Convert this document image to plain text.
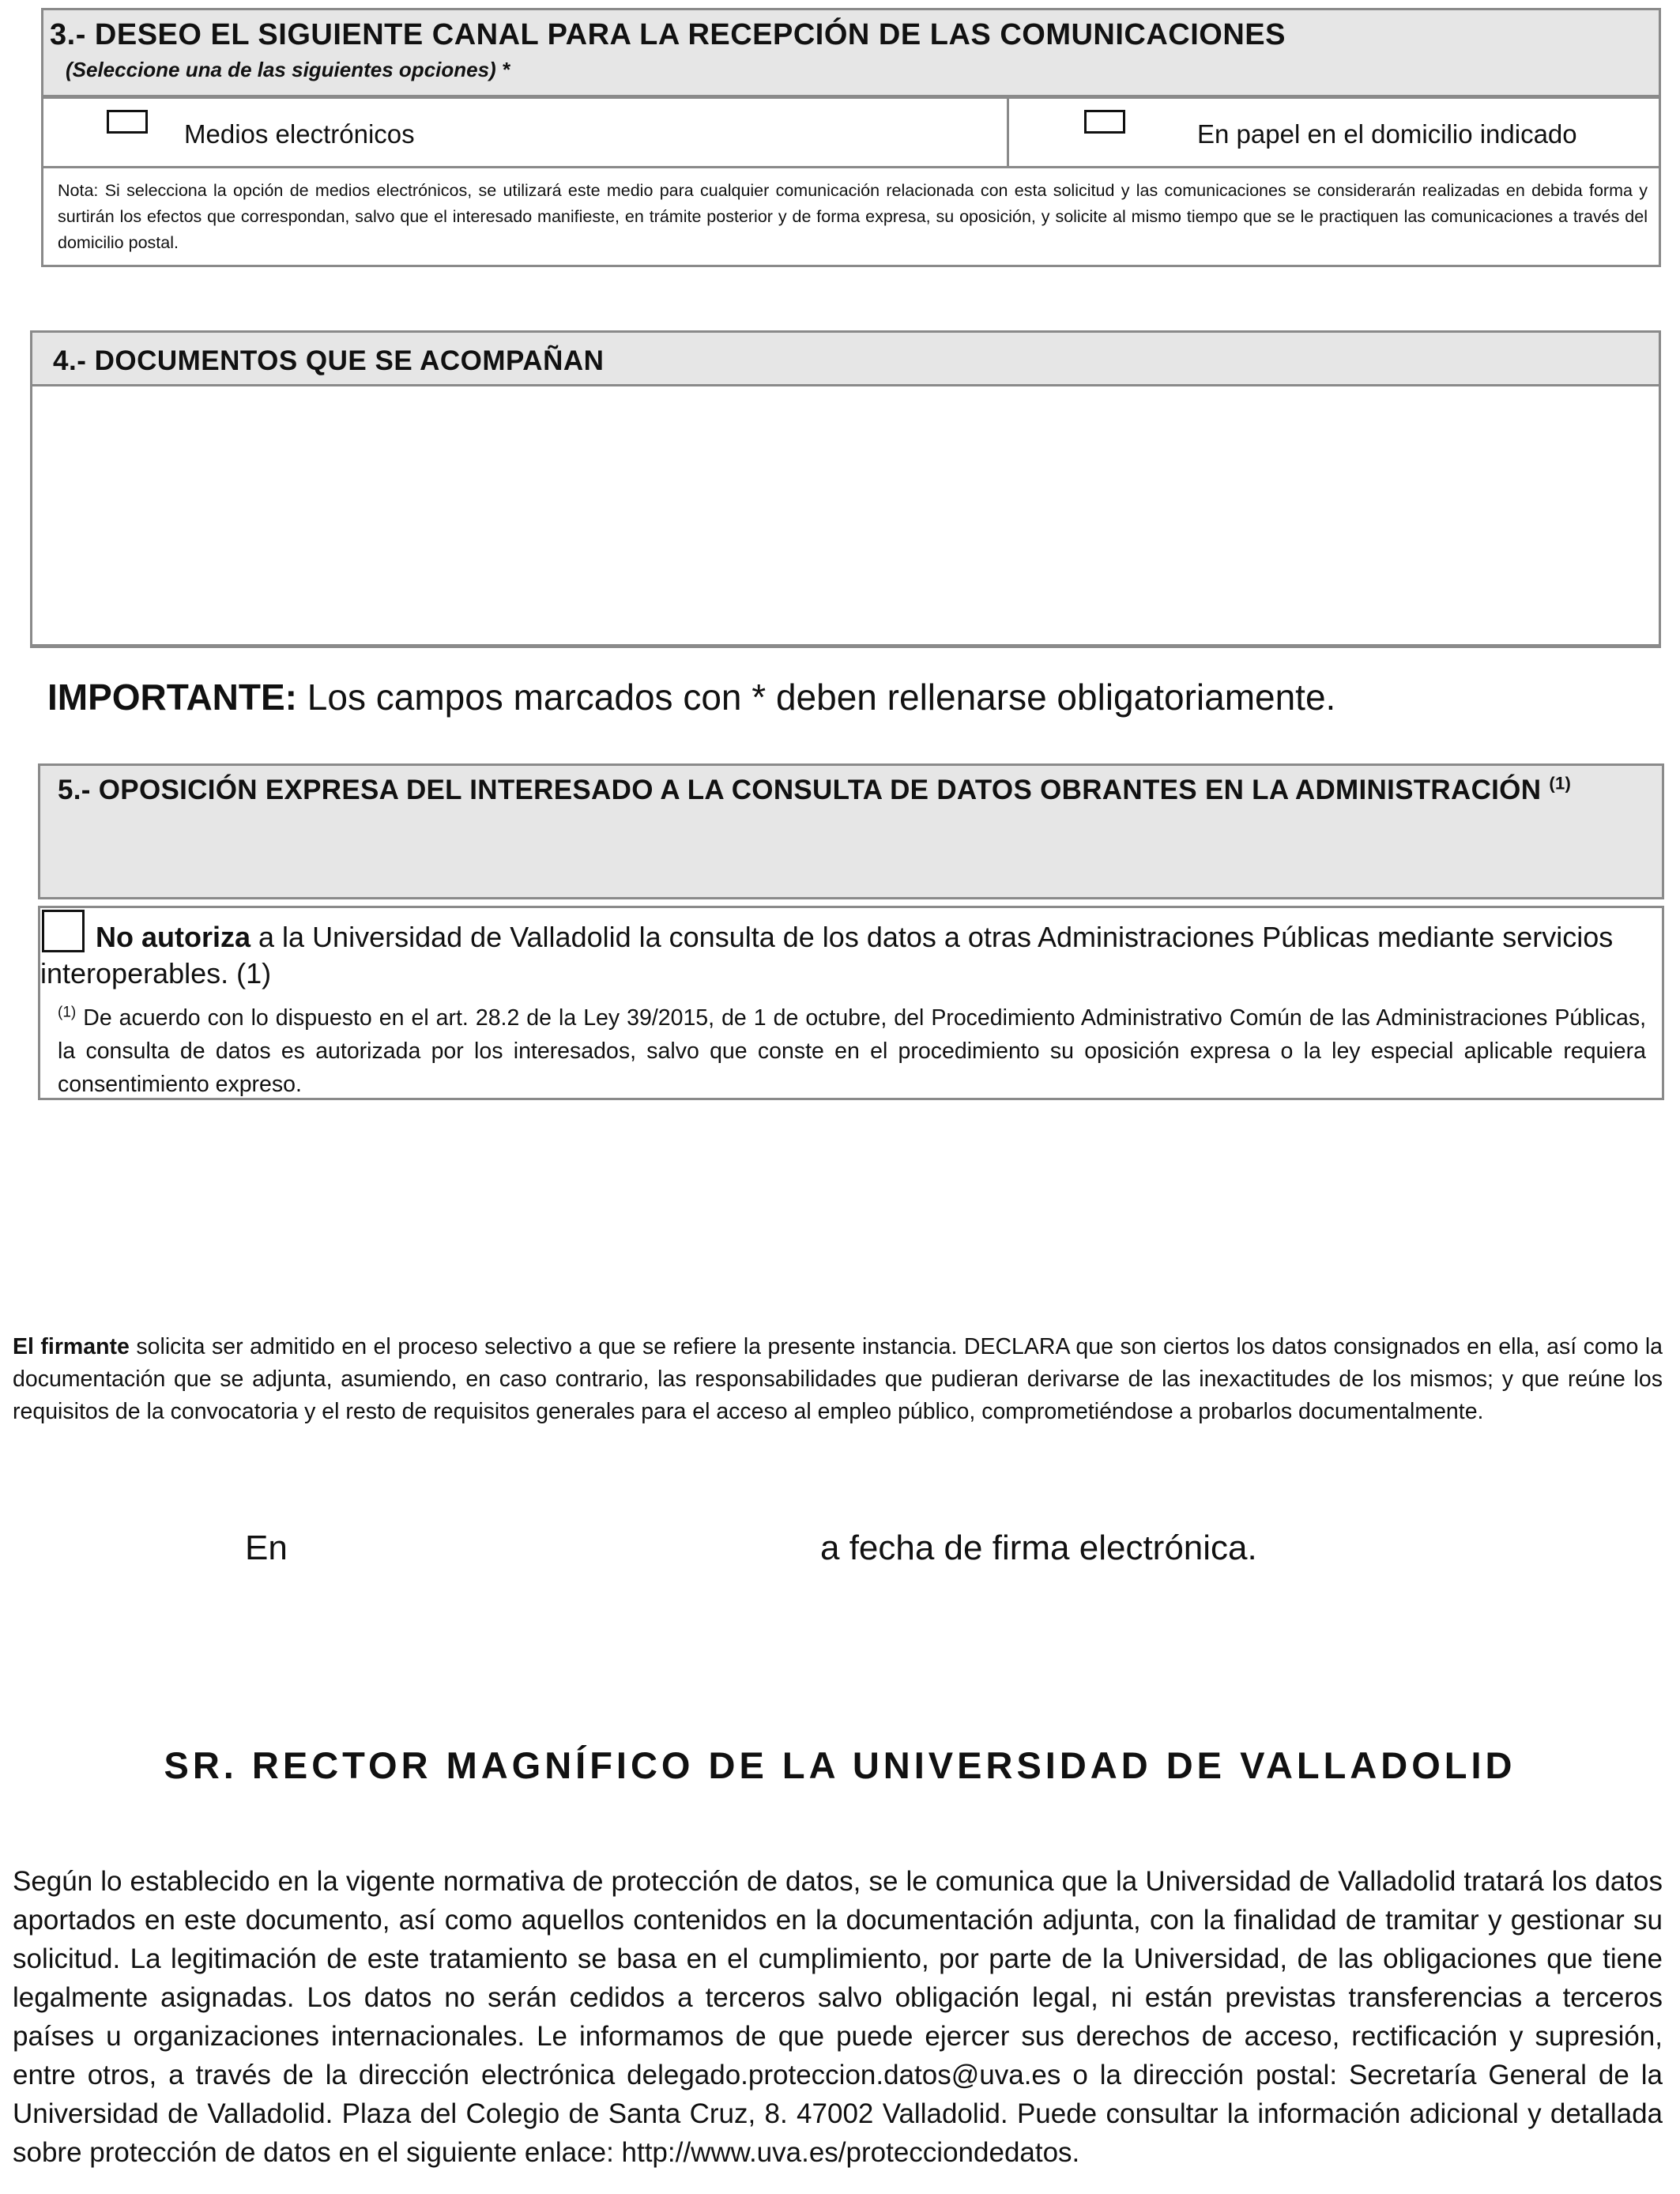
3.- DESEO EL SIGUIENTE CANAL PARA LA RECEPCIÓN DE LAS COMUNICACIONES
(Seleccione una de las siguientes opciones) *
Medios electrónicos	En papel en el domicilio indicado
Nota: Si selecciona la opción de medios electrónicos, se utilizará este medio para cualquier comunicación relacionada con esta solicitud y las comunicaciones se considerarán realizadas en debida forma y surtirán los efectos que correspondan, salvo que el interesado manifieste, en trámite posterior y de forma expresa, su oposición, y solicite al mismo tiempo que se le practiquen las comunicaciones a través del domicilio postal.
4.- DOCUMENTOS QUE SE ACOMPAÑAN
IMPORTANTE: Los campos marcados con * deben rellenarse obligatoriamente.
5.- OPOSICIÓN EXPRESA DEL INTERESADO A LA CONSULTA DE DATOS OBRANTES EN LA ADMINISTRACIÓN $^{(1)}$
No autoriza a la Universidad de Valladolid la consulta de los datos a otras Administraciones Públicas mediante servicios interoperables. (1)
$^{(1)}$ De acuerdo con lo dispuesto en el art. 28.2 de la Ley 39/2015, de 1 de octubre, del Procedimiento Administrativo Común de las Administraciones Públicas, la consulta de datos es autorizada por los interesados, salvo que conste en el procedimiento su oposición expresa o la ley especial aplicable requiera consentimiento expreso.
El firmante solicita ser admitido en el proceso selectivo a que se refiere la presente instancia. DECLARA que son ciertos los datos consignados en ella, así como la documentación que se adjunta, asumiendo, en caso contrario, las responsabilidades que pudieran derivarse de las inexactitudes de los mismos; y que reúne los requisitos de la convocatoria y el resto de requisitos generales para el acceso al empleo público, comprometiéndose a probarlos documentalmente.
En	a fecha de firma electrónica.
SR. RECTOR MAGNÍFICO DE LA UNIVERSIDAD DE VALLADOLID
Según lo establecido en la vigente normativa de protección de datos, se le comunica que la Universidad de Valladolid tratará los datos aportados en este documento, así como aquellos contenidos en la documentación adjunta, con la finalidad de tramitar y gestionar su solicitud. La legitimación de este tratamiento se basa en el cumplimiento, por parte de la Universidad, de las obligaciones que tiene legalmente asignadas. Los datos no serán cedidos a terceros salvo obligación legal, ni están previstas transferencias a terceros países u organizaciones internacionales. Le informamos de que puede ejercer sus derechos de acceso, rectificación y supresión, entre otros, a través de la dirección electrónica delegado.proteccion.datos@uva.es o la dirección postal: Secretaría General de la Universidad de Valladolid. Plaza del Colegio de Santa Cruz, 8. 47002 Valladolid. Puede consultar la información adicional y detallada sobre protección de datos en el siguiente enlace: http://www.uva.es/protecciondedatos.
